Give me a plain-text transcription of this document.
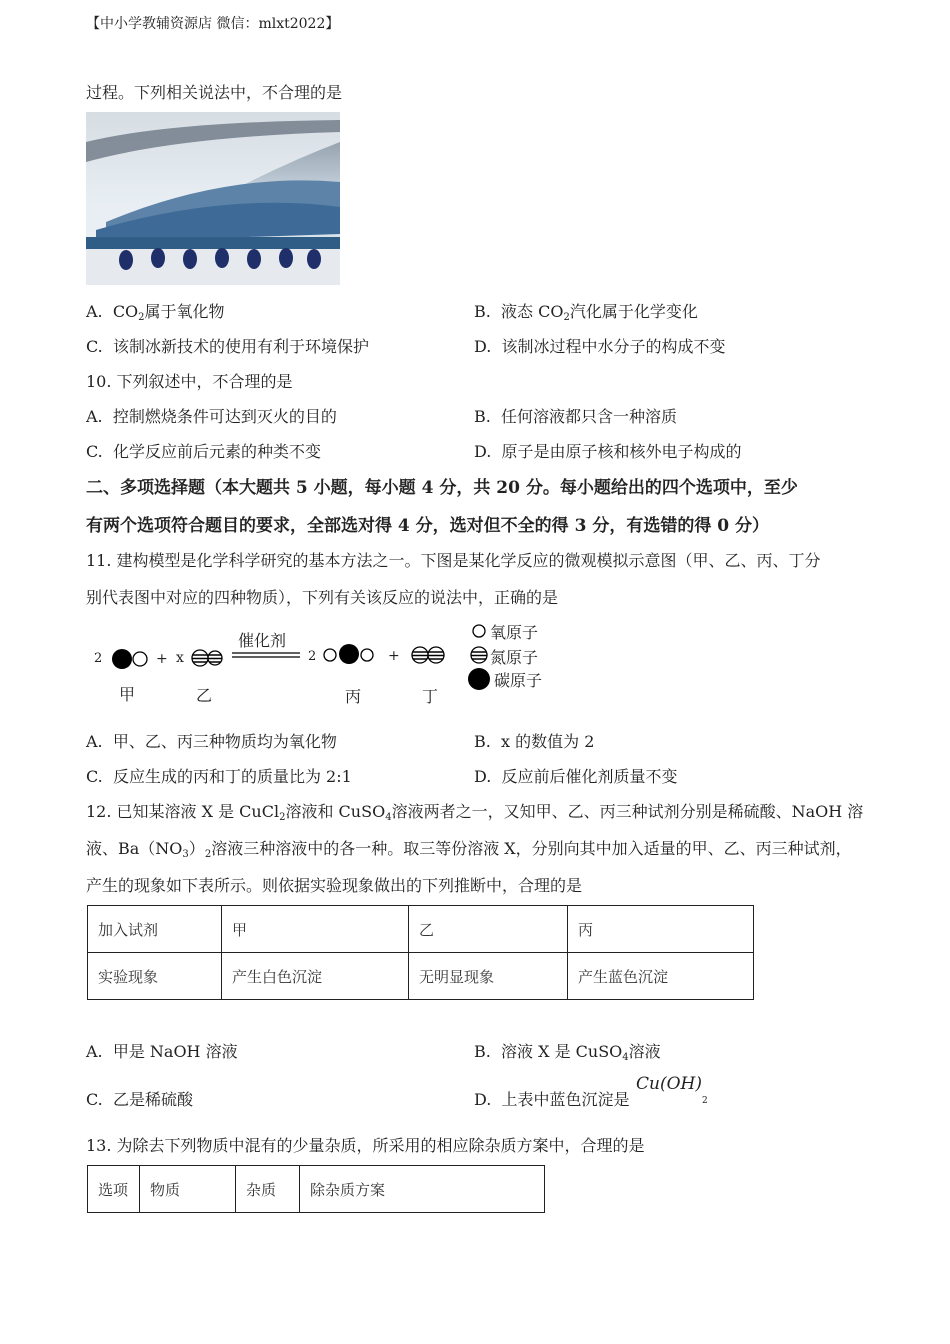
【中小学教辅资源店 微信：mlxt2022】
过程。下列相关说法中，不合理的是
A. $CO_2$属于氧化物	B. 液态 $CO_2$汽化属于化学变化
C. 该制冰新技术的使用有利于环境保护	D. 该制冰过程中水分子的构成不变
10. 下列叙述中，不合理的是
A. 控制燃烧条件可达到灭火的目的	B. 任何溶液都只含一种溶质
C. 化学反应前后元素的种类不变	D. 原子是由原子核和核外电子构成的
二、多项选择题（本大题共 5 小题，每小题 4 分，共 20 分。每小题给出的四个选项中，至少
有两个选项符合题目的要求，全部选对得 4 分，选对但不全的得 3 分，有选错的得 0 分）
11. 建构模型是化学科学研究的基本方法之一。下图是某化学反应的微观模拟示意图（甲、乙、丙、丁分
别代表图中对应的四种物质），下列有关该反应的说法中，正确的是
2	+ x
催化剂
2	+
甲	乙	丙	丁
氧原子
氮原子
碳原子
A. 甲、乙、丙三种物质均为氧化物	B. x 的数值为 2
C. 反应生成的丙和丁的质量比为 2:1	D. 反应前后催化剂质量不变
12. 已知某溶液 X 是 CuCl$_2$溶液和 CuSO$_4$溶液两者之一，又知甲、乙、丙三种试剂分别是稀硫酸、NaOH 溶
液、$Ba(NO_3)_2$溶液三种溶液中的各一种。取三等份溶液 X，分别向其中加入适量的甲、乙、丙三种试剂，
产生的现象如下表所示。则依据实验现象做出的下列推断中，合理的是
加入试剂	甲	乙	丙
实验现象	产生白色沉淀	无明显现象	产生蓝色沉淀
A. 甲是 NaOH 溶液	B. 溶液 X 是 CuSO$_4$溶液
C. 乙是稀硫酸	D. 上表中蓝色沉淀是
$Cu(OH)_2$
13. 为除去下列物质中混有的少量杂质，所采用的相应除杂质方案中，合理的是
选项	物质	杂质	除杂质方案
